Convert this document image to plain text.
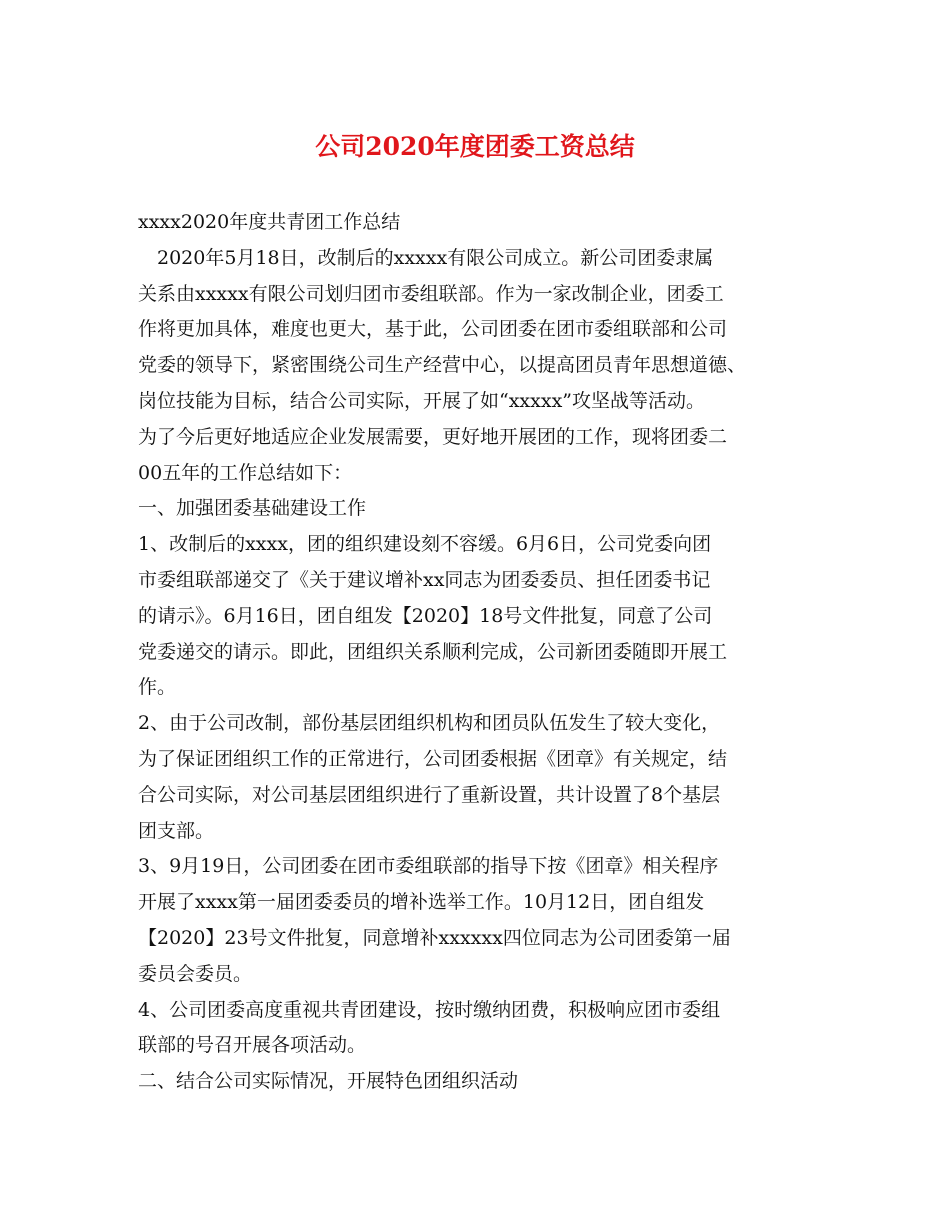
公司2020年度团委工资总结
xxxx2020年度共青团工作总结
2020年5月18日，改制后的xxxxx有限公司成立。新公司团委隶属
关系由xxxxx有限公司划归团市委组联部。作为一家改制企业，团委工
作将更加具体，难度也更大，基于此，公司团委在团市委组联部和公司
党委的领导下，紧密围绕公司生产经营中心，以提高团员青年思想道德、
岗位技能为目标，结合公司实际，开展了如“xxxxx”攻坚战等活动。
为了今后更好地适应企业发展需要，更好地开展团的工作，现将团委二
00五年的工作总结如下：
一、加强团委基础建设工作
1、改制后的xxxx，团的组织建设刻不容缓。6月6日，公司党委向团
市委组联部递交了《关于建议增补xx同志为团委委员、担任团委书记
的请示》。6月16日，团自组发【2020】18号文件批复，同意了公司
党委递交的请示。即此，团组织关系顺利完成，公司新团委随即开展工
作。
2、由于公司改制，部份基层团组织机构和团员队伍发生了较大变化，
为了保证团组织工作的正常进行，公司团委根据《团章》有关规定，结
合公司实际，对公司基层团组织进行了重新设置，共计设置了8个基层
团支部。
3、9月19日，公司团委在团市委组联部的指导下按《团章》相关程序
开展了xxxx第一届团委委员的增补选举工作。10月12日，团自组发
【2020】23号文件批复，同意增补xxxxxx四位同志为公司团委第一届
委员会委员。
4、公司团委高度重视共青团建设，按时缴纳团费，积极响应团市委组
联部的号召开展各项活动。
二、结合公司实际情况，开展特色团组织活动
